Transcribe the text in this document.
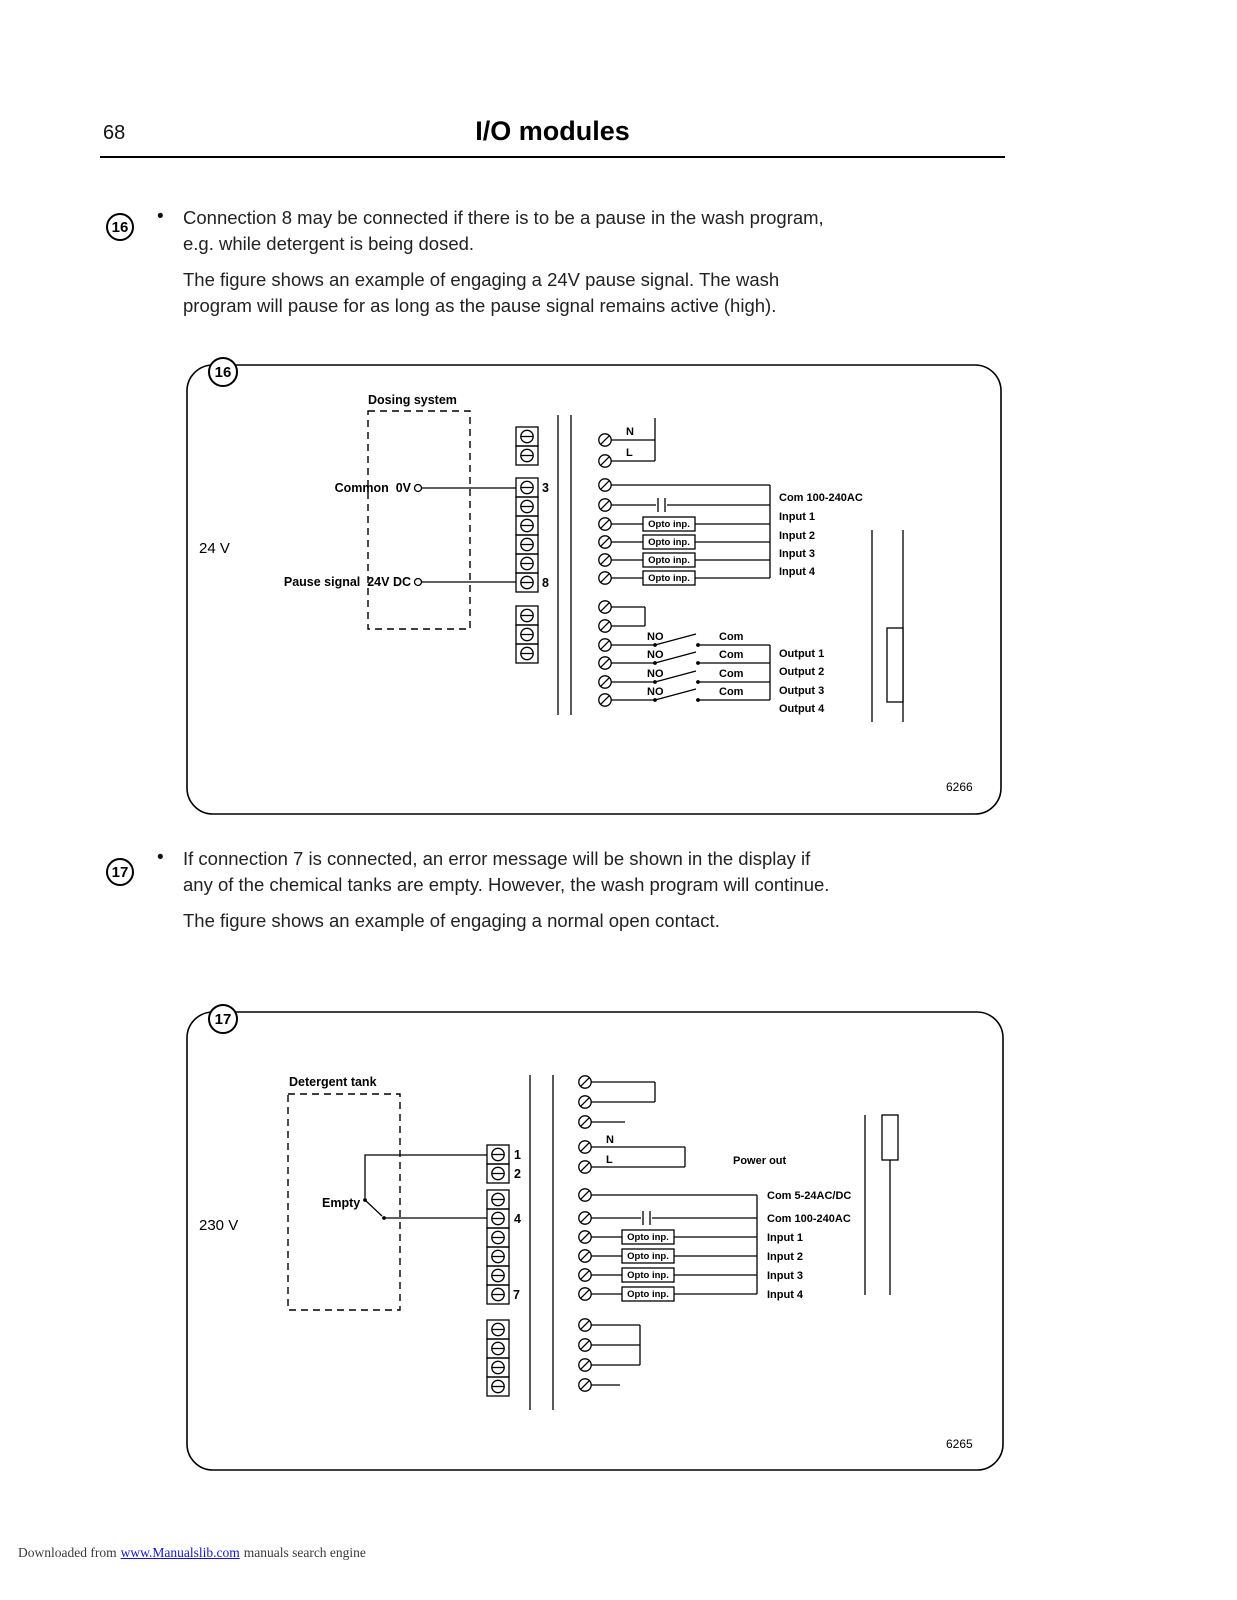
68	I/O modules
16 • Connection 8 may be connected if there is to be a pause in the wash program, e.g. while detergent is being dosed.

The figure shows an example of engaging a 24V pause signal. The wash program will pause for as long as the pause signal remains active (high).

16
Dosing system
Common  0V
Pause signal  24V DC
24 V
3
8
N
L
Opto inp.
Opto inp.
Opto inp.
Opto inp.
Com 100-240AC
Input 1
Input 2
Input 3
Input 4
NO	Com
NO	Com
NO	Com
NO	Com
Output 1
Output 2
Output 3
Output 4
6266
17
• If connection 7 is connected, an error message will be shown in the display if any of the chemical tanks are empty. However, the wash program will continue.

The figure shows an example of engaging a normal open contact.

17
Detergent tank
Empty
230 V
1
2
4
7
N
L	Power out
Opto inp.
Opto inp.
Opto inp.
Opto inp.
Com 5-24AC/DC
Com 100-240AC
Input 1
Input 2
Input 3
Input 4
6265
Downloaded from www.Manualslib.com manuals search engine
